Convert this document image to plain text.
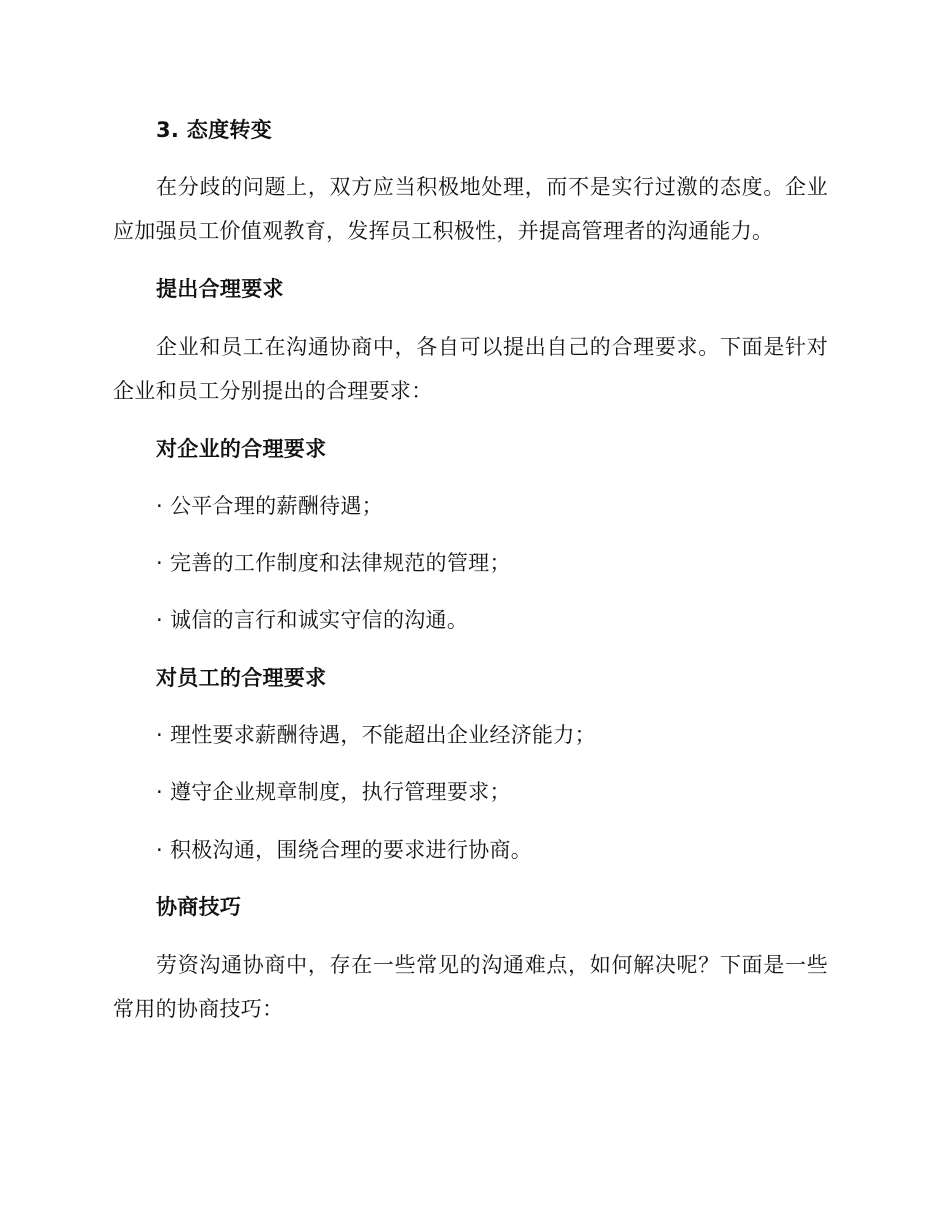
3. 态度转变
在分歧的问题上，双方应当积极地处理，而不是实行过激的态度。企业
应加强员工价值观教育，发挥员工积极性，并提高管理者的沟通能力。
提出合理要求
企业和员工在沟通协商中，各自可以提出自己的合理要求。下面是针对
企业和员工分别提出的合理要求：
对企业的合理要求
· 公平合理的薪酬待遇；
· 完善的工作制度和法律规范的管理；
· 诚信的言行和诚实守信的沟通。
对员工的合理要求
· 理性要求薪酬待遇，不能超出企业经济能力；
· 遵守企业规章制度，执行管理要求；
· 积极沟通，围绕合理的要求进行协商。
协商技巧
劳资沟通协商中，存在一些常见的沟通难点，如何解决呢？下面是一些
常用的协商技巧：
